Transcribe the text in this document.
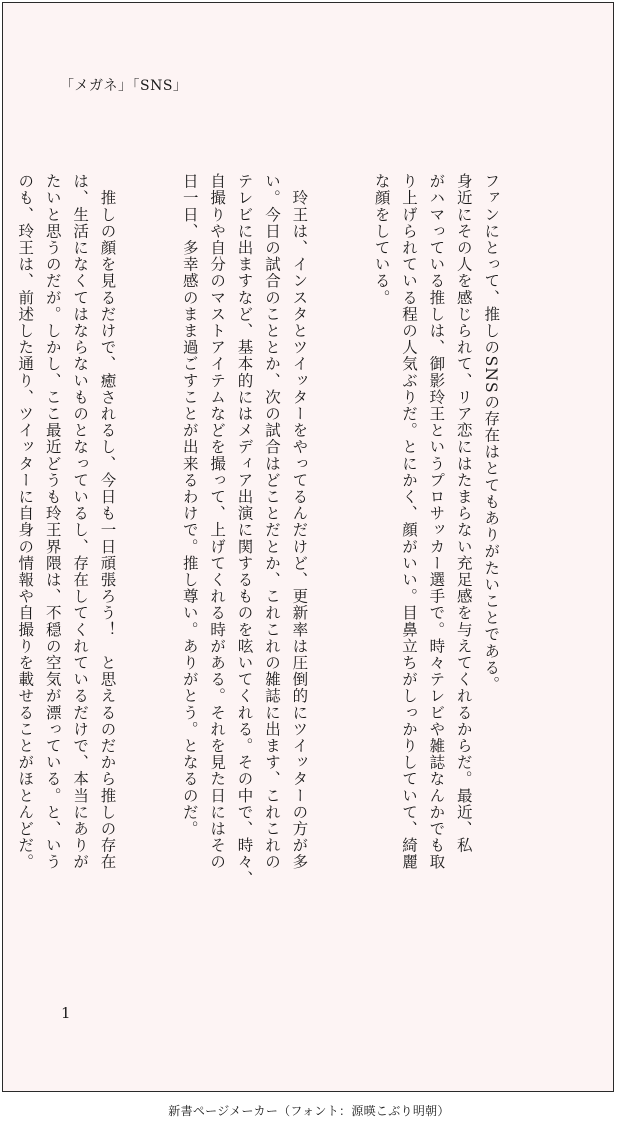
「メガネ」「SNS」

ファンにとって、推しのSNSの存在はとてもありがたいことである。
身近にその人を感じられて、リア恋にはたまらない充足感を与えてくれるからだ。最近、私
がハマっている推しは、御影玲王というプロサッカー選手で。時々テレビや雑誌なんかでも取
り上げられている程の人気ぶりだ。とにかく、顔がいい。目鼻立ちがしっかりしていて、綺麗
な顔をしている。

　玲王は、インスタとツイッターをやってるんだけど、更新率は圧倒的にツイッターの方が多
い。今日の試合のこととか、次の試合はどことだとか、これこれの雑誌に出ます、これこれの
テレビに出ますなど、基本的にはメディア出演に関するものを呟いてくれる。その中で、時々、
自撮りや自分のマストアイテムなどを撮って、上げてくれる時がある。それを見た日にはその
日一日、多幸感のまま過ごすことが出来るわけで。推し尊い。ありがとう。となるのだ。

　推しの顔を見るだけで、癒されるし、今日も一日頑張ろう！　と思えるのだから推しの存在
は、生活になくてはならないものとなっているし、存在してくれているだけで、本当にありが
たいと思うのだが。しかし、ここ最近どうも玲王界隈は、不穏の空気が漂っている。と、いう
のも、玲王は、前述した通り、ツイッターに自身の情報や自撮りを載せることがほとんどだ。

1
新書ページメーカー（フォント：源暎こぶり明朝）
